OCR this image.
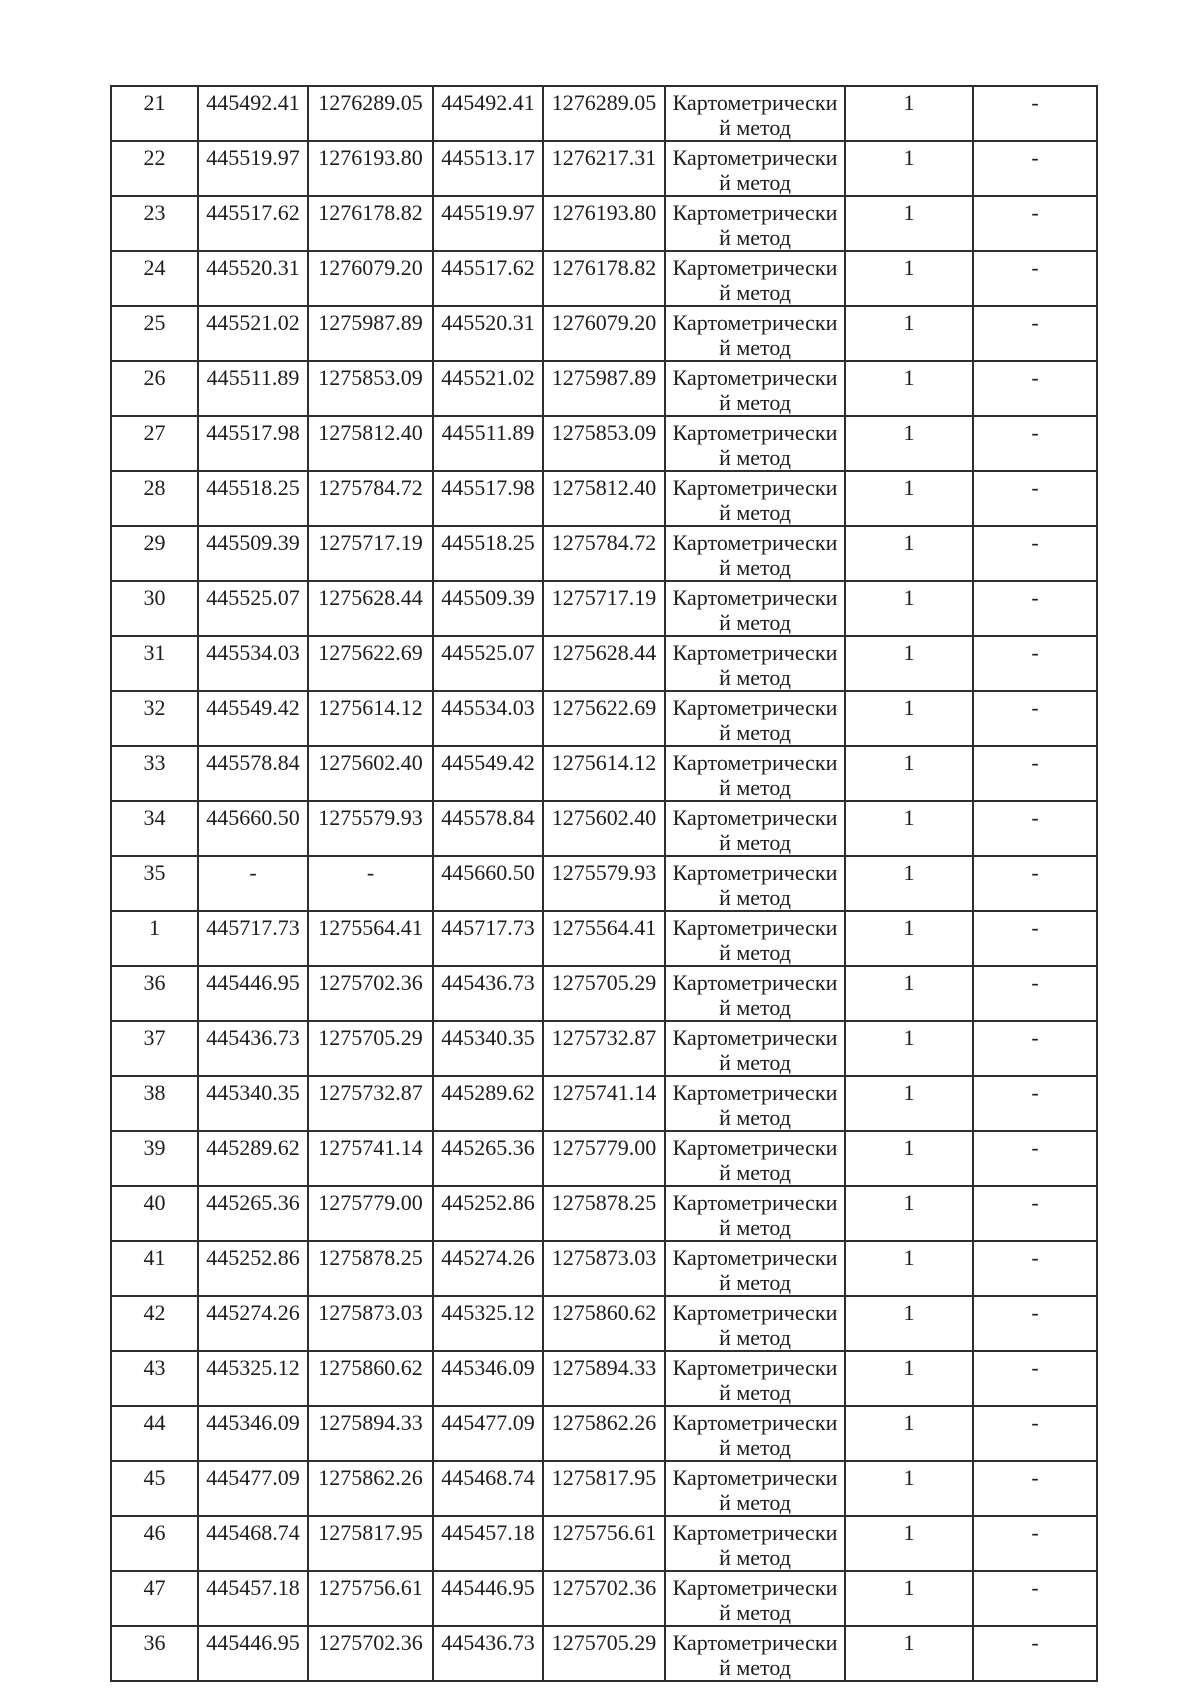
21	445492.41	1276289.05	445492.41	1276289.05	Картометрический метод	1	-
22	445519.97	1276193.80	445513.17	1276217.31	Картометрический метод	1	-
23	445517.62	1276178.82	445519.97	1276193.80	Картометрический метод	1	-
24	445520.31	1276079.20	445517.62	1276178.82	Картометрический метод	1	-
25	445521.02	1275987.89	445520.31	1276079.20	Картометрический метод	1	-
26	445511.89	1275853.09	445521.02	1275987.89	Картометрический метод	1	-
27	445517.98	1275812.40	445511.89	1275853.09	Картометрический метод	1	-
28	445518.25	1275784.72	445517.98	1275812.40	Картометрический метод	1	-
29	445509.39	1275717.19	445518.25	1275784.72	Картометрический метод	1	-
30	445525.07	1275628.44	445509.39	1275717.19	Картометрический метод	1	-
31	445534.03	1275622.69	445525.07	1275628.44	Картометрический метод	1	-
32	445549.42	1275614.12	445534.03	1275622.69	Картометрический метод	1	-
33	445578.84	1275602.40	445549.42	1275614.12	Картометрический метод	1	-
34	445660.50	1275579.93	445578.84	1275602.40	Картометрический метод	1	-
35	-	-	445660.50	1275579.93	Картометрический метод	1	-
1	445717.73	1275564.41	445717.73	1275564.41	Картометрический метод	1	-
36	445446.95	1275702.36	445436.73	1275705.29	Картометрический метод	1	-
37	445436.73	1275705.29	445340.35	1275732.87	Картометрический метод	1	-
38	445340.35	1275732.87	445289.62	1275741.14	Картометрический метод	1	-
39	445289.62	1275741.14	445265.36	1275779.00	Картометрический метод	1	-
40	445265.36	1275779.00	445252.86	1275878.25	Картометрический метод	1	-
41	445252.86	1275878.25	445274.26	1275873.03	Картометрический метод	1	-
42	445274.26	1275873.03	445325.12	1275860.62	Картометрический метод	1	-
43	445325.12	1275860.62	445346.09	1275894.33	Картометрический метод	1	-
44	445346.09	1275894.33	445477.09	1275862.26	Картометрический метод	1	-
45	445477.09	1275862.26	445468.74	1275817.95	Картометрический метод	1	-
46	445468.74	1275817.95	445457.18	1275756.61	Картометрический метод	1	-
47	445457.18	1275756.61	445446.95	1275702.36	Картометрический метод	1	-
36	445446.95	1275702.36	445436.73	1275705.29	Картометрический метод	1	-
